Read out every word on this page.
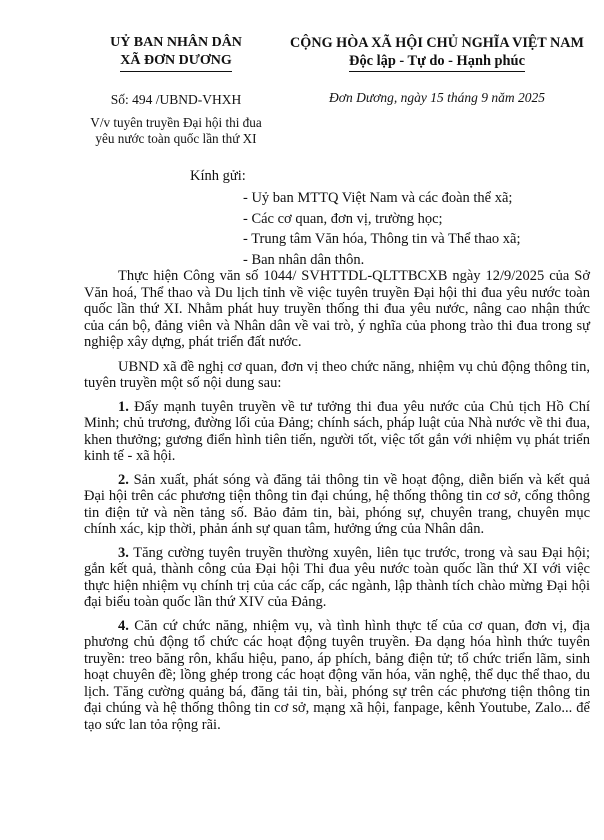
UỶ BAN NHÂN DÂN
XÃ ĐƠN DƯƠNG
CỘNG HÒA XÃ HỘI CHỦ NGHĨA VIỆT NAM
Độc lập - Tự do - Hạnh phúc
Số: 494 /UBND-VHXH	Đơn Dương, ngày 15 tháng 9 năm 2025
V/v tuyên truyền Đại hội thi đua
yêu nước toàn quốc lần thứ XI
Kính gửi:
- Uỷ ban MTTQ Việt Nam và các đoàn thể xã;
- Các cơ quan, đơn vị, trường học;
- Trung tâm Văn hóa, Thông tin và Thể thao xã;
- Ban nhân dân thôn.

Thực hiện Công văn số 1044/ SVHTTDL-QLTTBCXB ngày 12/9/2025 của Sở Văn hoá, Thể thao và Du lịch tỉnh về việc tuyên truyền Đại hội thi đua yêu nước toàn quốc lần thứ XI. Nhằm phát huy truyền thống thi đua yêu nước, nâng cao nhận thức của cán bộ, đảng viên và Nhân dân về vai trò, ý nghĩa của phong trào thi đua trong sự nghiệp xây dựng, phát triển đất nước.

UBND xã đề nghị cơ quan, đơn vị theo chức năng, nhiệm vụ chủ động thông tin, tuyên truyền một số nội dung sau:

1. Đẩy mạnh tuyên truyền về tư tưởng thi đua yêu nước của Chủ tịch Hồ Chí Minh; chủ trương, đường lối của Đảng; chính sách, pháp luật của Nhà nước về thi đua, khen thưởng; gương điển hình tiên tiến, người tốt, việc tốt gắn với nhiệm vụ phát triển kinh tế - xã hội.

2. Sản xuất, phát sóng và đăng tải thông tin về hoạt động, diễn biến và kết quả Đại hội trên các phương tiện thông tin đại chúng, hệ thống thông tin cơ sở, cổng thông tin điện tử và nền tảng số. Bảo đảm tin, bài, phóng sự, chuyên trang, chuyên mục chính xác, kịp thời, phản ánh sự quan tâm, hưởng ứng của Nhân dân.

3. Tăng cường tuyên truyền thường xuyên, liên tục trước, trong và sau Đại hội; gắn kết quả, thành công của Đại hội Thi đua yêu nước toàn quốc lần thứ XI với việc thực hiện nhiệm vụ chính trị của các cấp, các ngành, lập thành tích chào mừng Đại hội đại biểu toàn quốc lần thứ XIV của Đảng.

4. Căn cứ chức năng, nhiệm vụ, và tình hình thực tế của cơ quan, đơn vị, địa phương chủ động tổ chức các hoạt động tuyên truyền. Đa dạng hóa hình thức tuyên truyền: treo băng rôn, khẩu hiệu, pano, áp phích, bảng điện tử; tổ chức triển lãm, sinh hoạt chuyên đề; lồng ghép trong các hoạt động văn hóa, văn nghệ, thể dục thể thao, du lịch. Tăng cường quảng bá, đăng tải tin, bài, phóng sự trên các phương tiện thông tin đại chúng và hệ thống thông tin cơ sở, mạng xã hội, fanpage, kênh Youtube, Zalo... để tạo sức lan tỏa rộng rãi.
